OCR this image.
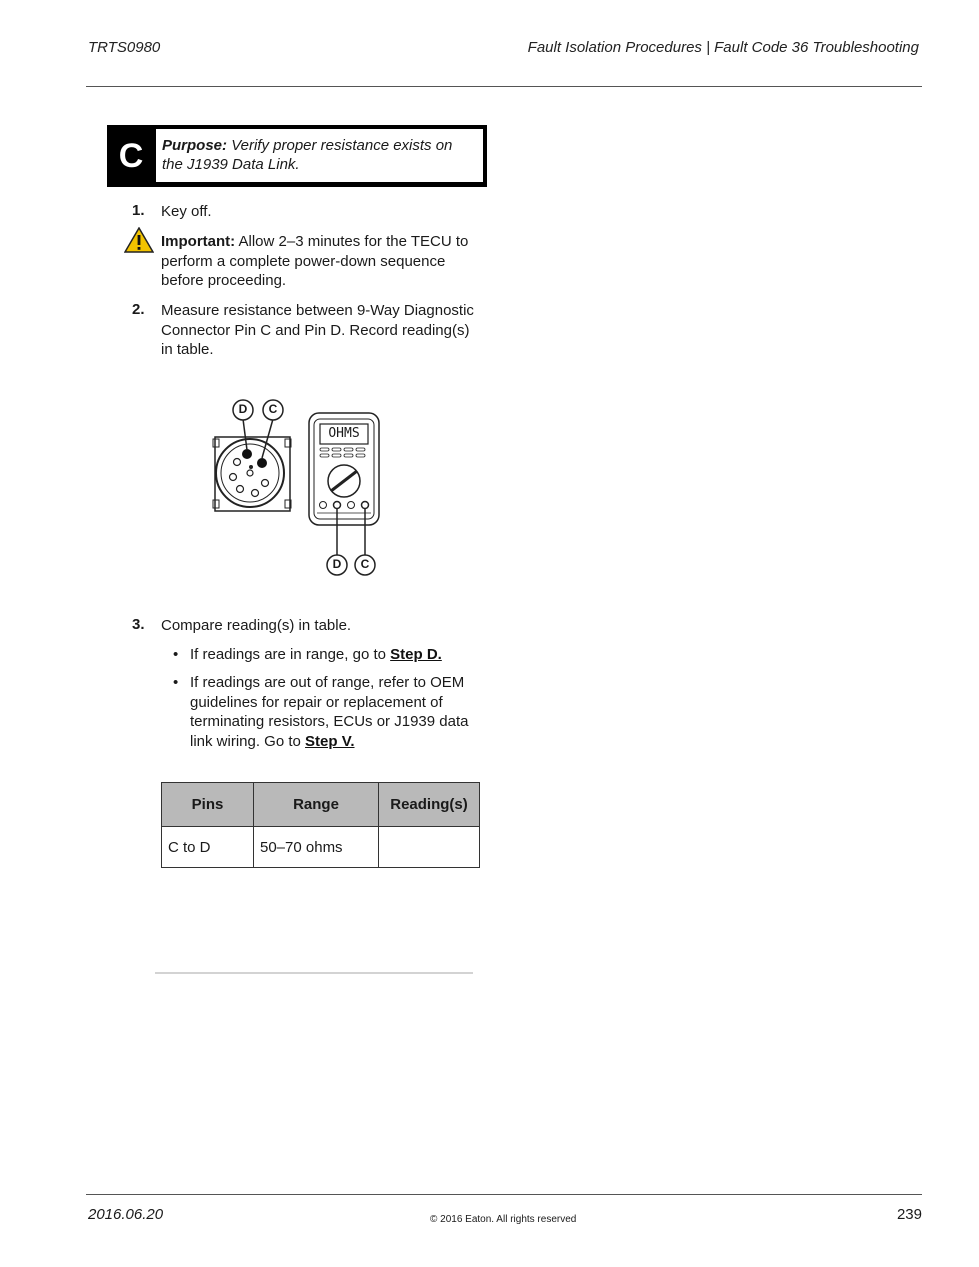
TRTS0980	Fault Isolation Procedures | Fault Code 36 Troubleshooting
C	Purpose: Verify proper resistance exists on the J1939 Data Link.
1. Key off.
Important: Allow 2–3 minutes for the TECU to perform a complete power-down sequence before proceeding.
2. Measure resistance between 9-Way Diagnostic Connector Pin C and Pin D. Record reading(s) in table.
D	C
D	C
OHMS
3. Compare reading(s) in table.
• If readings are in range, go to Step D.
• If readings are out of range, refer to OEM guidelines for repair or replacement of terminating resistors, ECUs or J1939 data link wiring. Go to Step V.
Pins	Range	Reading(s)
C to D	50–70 ohms	
2016.06.20	© 2016 Eaton. All rights reserved	239
